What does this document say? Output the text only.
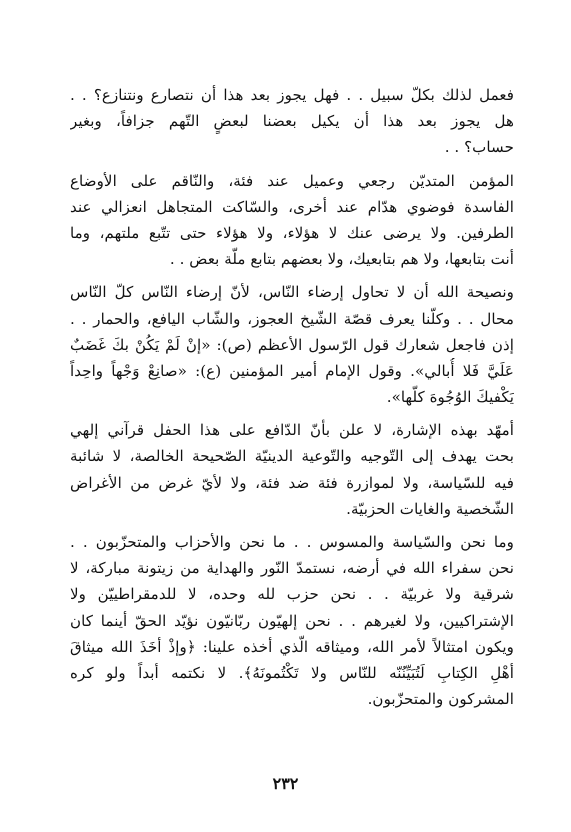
فعمل لذلك بكلّ سبيل . . فهل يجوز بعد هذا أن نتصارع ونتنازع؟ . .
هل يجوز بعد هذا أن يكيل بعضنا لبعضٍ التّهم جزافاً، وبغير
حساب؟ . .
المؤمن المتديّن رجعي وعميل عند فئة، والنّاقم على الأوضاع
الفاسدة فوضوي هدّام عند أخرى، والسّاكت المتجاهل انعزالي عند
الطرفين. ولا يرضى عنك لا هؤلاء، ولا هؤلاء حتى تتّبع ملتهم، وما
أنت بتابعها، ولا هم بتابعيك، ولا بعضهم بتابع ملّة بعض . .
ونصيحة الله أن لا تحاول إرضاء النّاس، لأنّ إرضاء النّاس كلّ النّاس
محال . . وكلّنا يعرف قصّة الشّيخ العجوز، والشّاب اليافع، والحمار . .
إذن فاجعل شعارك قول الرّسول الأعظم (ص): «إنْ لَمْ يَكُنْ بكَ غَضَبٌ
عَلَيَّ فَلا أُبالي». وقول الإمام أمير المؤمنين (ع): «صانِعْ وَجْهاً واحِداً
يَكْفيكَ الوُجُوهَ كلّها».
أمهّد بهذه الإشارة، لا علن بأنّ الدّافع على هذا الحفل قرآني إلهي
بحت يهدف إلى التّوجيه والتّوعية الدينيّة الصّحيحة الخالصة، لا شائبة
فيه للسّياسة، ولا لموازرة فئة ضد فئة، ولا لأيّ غرض من الأغراض
الشّخصية والغايات الحزبيّة.
وما نحن والسّياسة والمسوس . . ما نحن والأحزاب والمتحزّبون . .
نحن سفراء الله في أرضه، نستمدّ النّور والهداية من زيتونة مباركة، لا
شرقية ولا غربيّة . . نحن حزب لله وحده، لا للدمقراطييّن ولا
الإشتراكيين، ولا لغيرهم . . نحن إلهيّون ربّانيّون نؤيّد الحقّ أينما كان
ويكون امتثالاً لأمر الله، وميثاقه الّذي أخذه علينا: ﴿وإذْ أخَذَ الله ميثاقَ
أهْلِ الكِتابِ لَتُبَيِّنُنّه للنّاس ولا تَكْتُمونَهُ﴾. لا نكتمه أبداً ولو كره
المشركون والمتحزّبون.
٢٣٢
